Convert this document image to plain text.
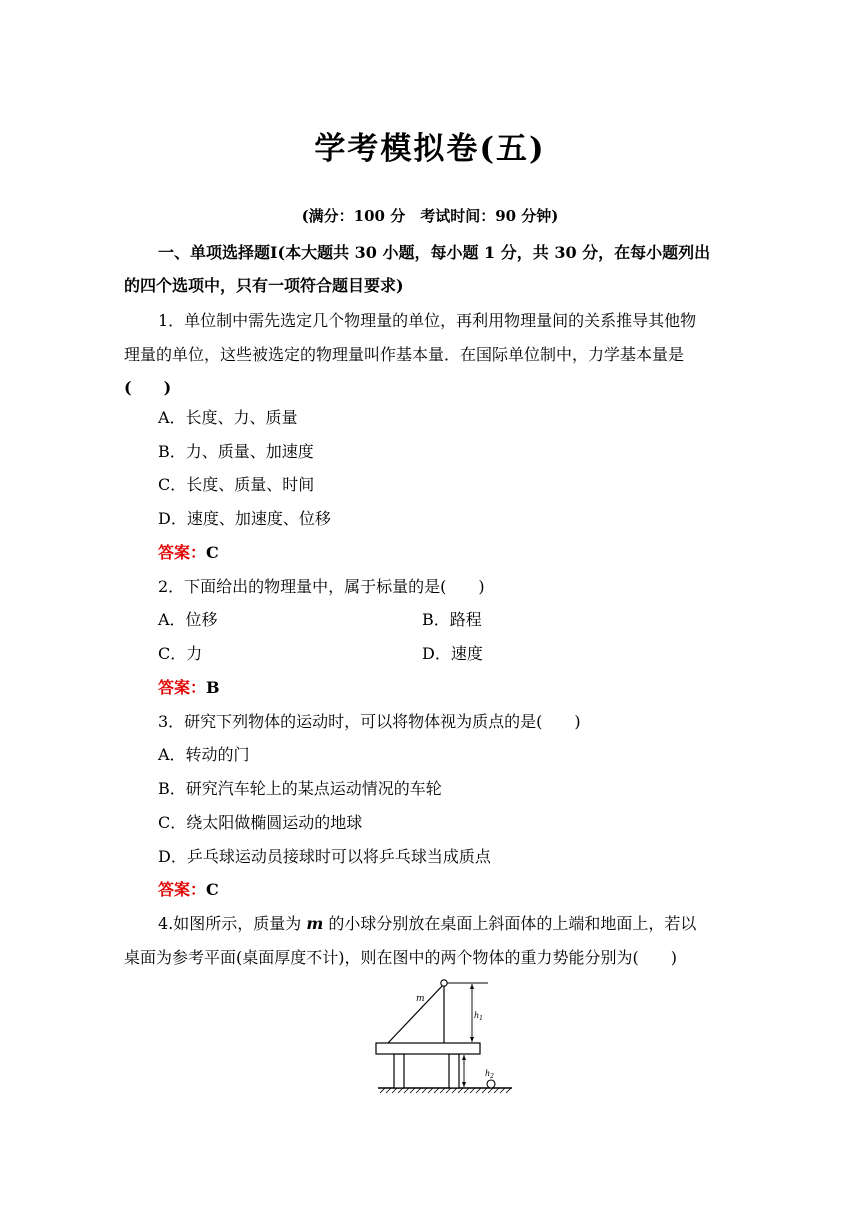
学考模拟卷(五)
(满分：100 分　考试时间：90 分钟)
一、单项选择题Ⅰ(本大题共 30 小题，每小题 1 分，共 30 分，在每小题列出
的四个选项中，只有一项符合题目要求)
1．单位制中需先选定几个物理量的单位，再利用物理量间的关系推导其他物
理量的单位，这些被选定的物理量叫作基本量．在国际单位制中，力学基本量是
(　　)
A．长度、力、质量
B．力、质量、加速度
C．长度、质量、时间
D．速度、加速度、位移
答案：C
2．下面给出的物理量中，属于标量的是(　　)
A．位移	B．路程
C．力	D．速度
答案：B
3．研究下列物体的运动时，可以将物体视为质点的是(　　)
A．转动的门
B．研究汽车轮上的某点运动情况的车轮
C．绕太阳做椭圆运动的地球
D．乒乓球运动员接球时可以将乒乓球当成质点
答案：C
4.如图所示，质量为 m 的小球分别放在桌面上斜面体的上端和地面上，若以
桌面为参考平面(桌面厚度不计)，则在图中的两个物体的重力势能分别为(　　)
m
$h_1$
$h_2$
